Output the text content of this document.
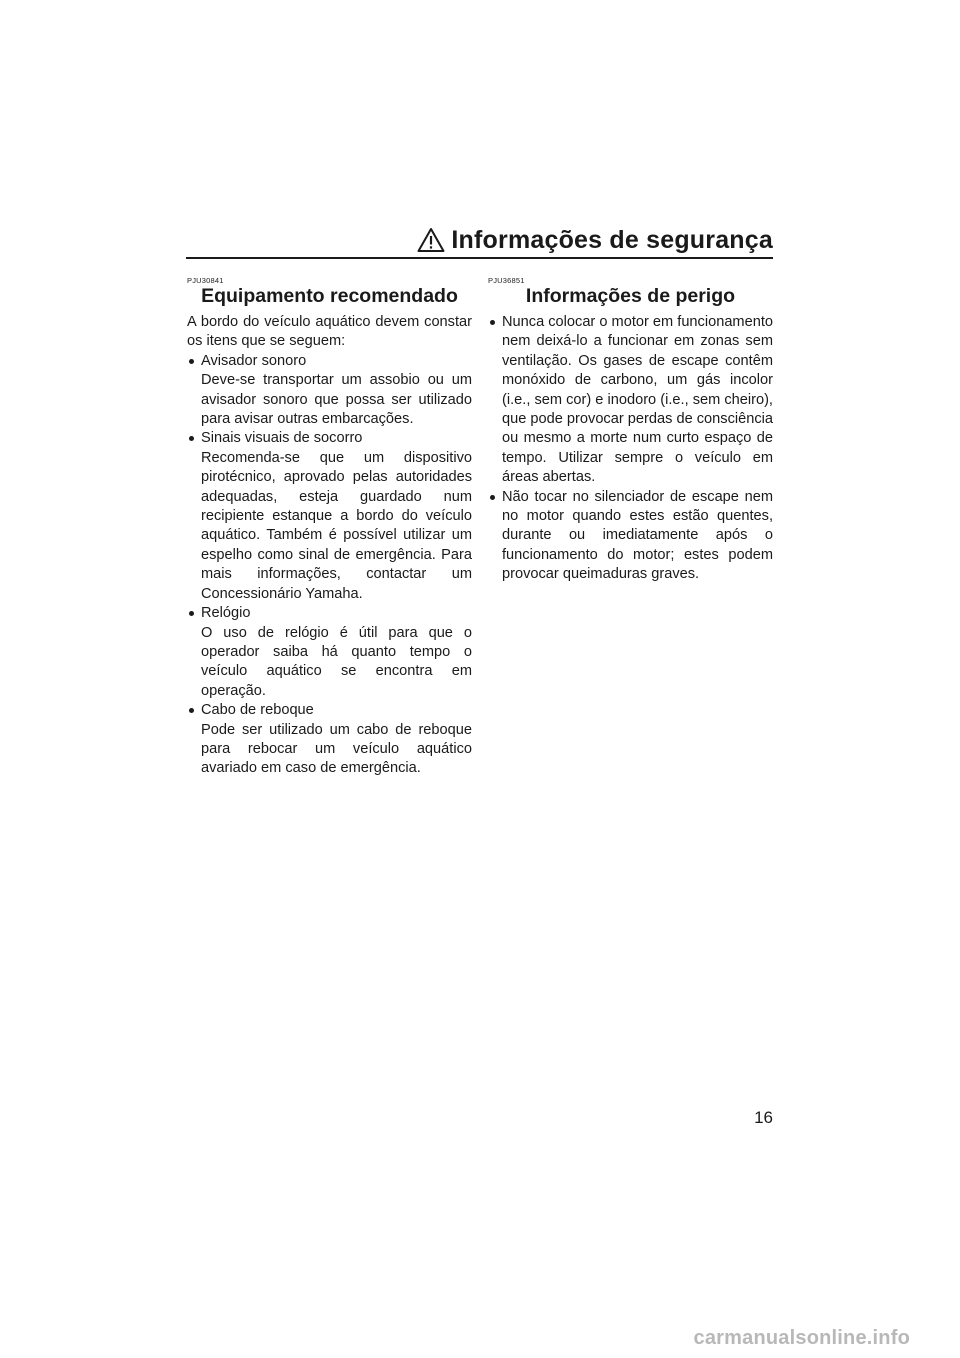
Informações de segurança
PJU30841
Equipamento recomendado

A bordo do veículo aquático devem constar os itens que se seguem:

Avisador sonoro
Deve-se transportar um assobio ou um avisador sonoro que possa ser utilizado para avisar outras embarcações.
Sinais visuais de socorro
Recomenda-se que um dispositivo pirotécnico, aprovado pelas autoridades adequadas, esteja guardado num recipiente estanque a bordo do veículo aquático. Também é possível utilizar um espelho como sinal de emergência. Para mais informações, contactar um Concessionário Yamaha.
Relógio
O uso de relógio é útil para que o operador saiba há quanto tempo o veículo aquático se encontra em operação.
Cabo de reboque
Pode ser utilizado um cabo de reboque para rebocar um veículo aquático avariado em caso de emergência.
PJU36851
Informações de perigo
Nunca colocar o motor em funcionamento nem deixá-lo a funcionar em zonas sem ventilação. Os gases de escape contêm monóxido de carbono, um gás incolor (i.e., sem cor) e inodoro (i.e., sem cheiro), que pode provocar perdas de consciência ou mesmo a morte num curto espaço de tempo. Utilizar sempre o veículo em áreas abertas.
Não tocar no silenciador de escape nem no motor quando estes estão quentes, durante ou imediatamente após o funcionamento do motor; estes podem provocar queimaduras graves.
16
carmanualsonline.info
